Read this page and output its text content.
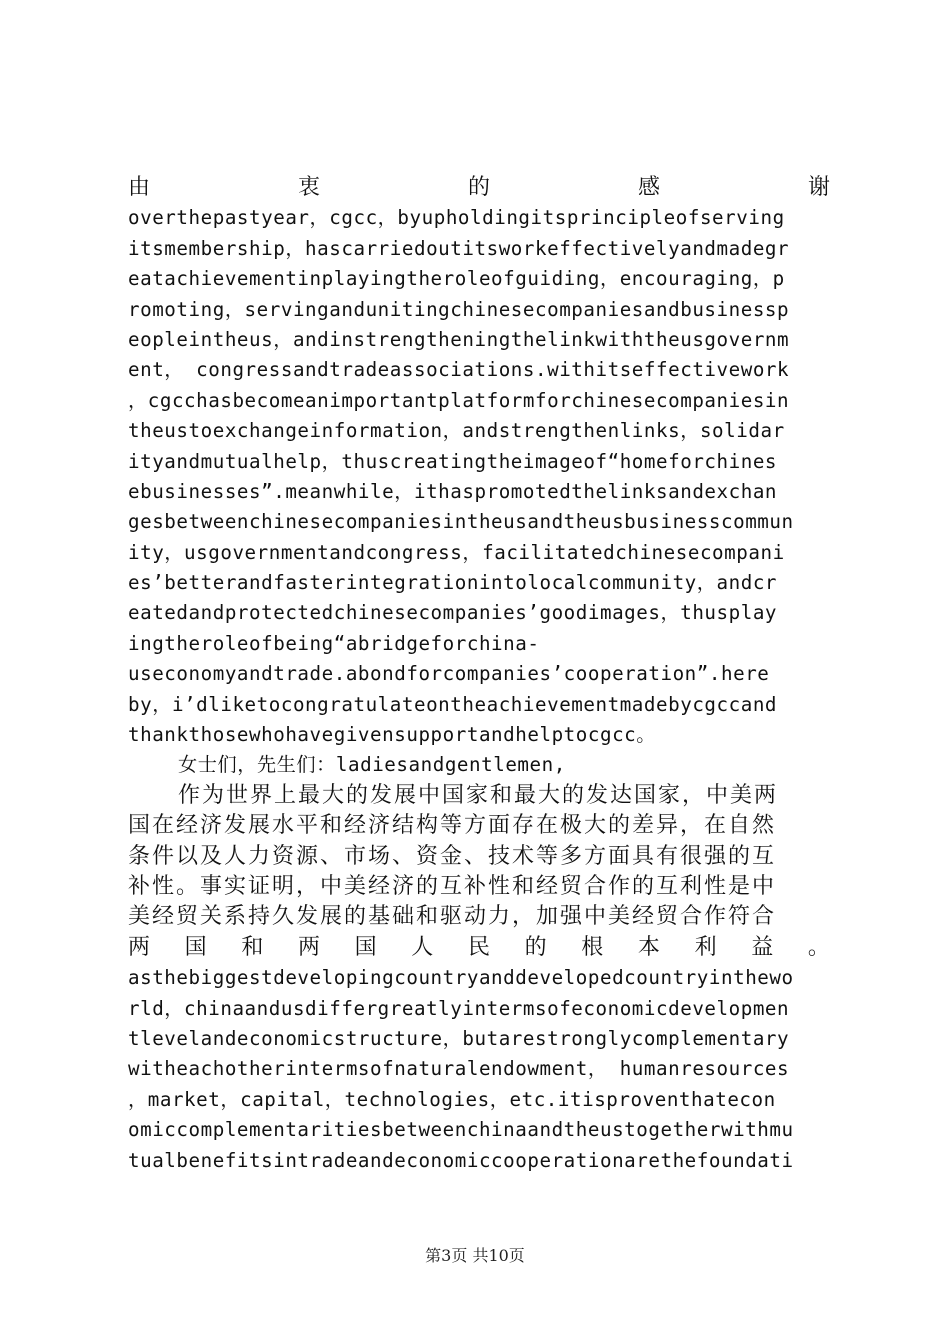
由	衷	的	感	谢
overthepastyear，cgcc，byupholdingitsprincipleofserving
itsmembership，hascarriedoutitsworkeffectivelyandmadegr
eatachievementinplayingtheroleofguiding，encouraging，p
romoting，servingandunitingchinesecompaniesandbusinessp
eopleintheus，andinstrengtheningthelinkwiththeusgovernm
ent， congressandtradeassociations.withitseffectivework
，cgcchasbecomeanimportantplatformforchinesecompaniesin
theustoexchangeinformation，andstrengthenlinks，solidar
ityandmutualhelp，thuscreatingtheimageof“homeforchines
ebusinesses”.meanwhile，ithaspromotedthelinksandexchan
gesbetweenchinesecompaniesintheusandtheusbusinesscommun
ity，usgovernmentandcongress，facilitatedchinesecompani
es’betterandfasterintegrationintolocalcommunity，andcr
eatedandprotectedchinesecompanies’goodimages，thusplay
ingtheroleofbeing“abridgeforchina-
useconomyandtrade.abondforcompanies’cooperation”.here
by，i’dliketocongratulateontheachievementmadebycgccand
thankthosewhohavegivensupportandhelptocgcc。
女士们，先生们：ladiesandgentlemen,
作为世界上最大的发展中国家和最大的发达国家，中美两
国在经济发展水平和经济结构等方面存在极大的差异，在自然
条件以及人力资源、市场、资金、技术等多方面具有很强的互
补性。事实证明，中美经济的互补性和经贸合作的互利性是中
美经贸关系持久发展的基础和驱动力，加强中美经贸合作符合
两 国 和 两 国 人 民 的 根 本 利 益 。
asthebiggestdevelopingcountryanddevelopedcountryinthewo
rld，chinaandusdiffergreatlyintermsofeconomicdevelopmen
tlevelandeconomicstructure，butarestronglycomplementary
witheachotherintermsofnaturalendowment， humanresources
，market，capital，technologies，etc.itisproventhatecon
omiccomplementaritiesbetweenchinaandtheustogetherwithmu
tualbenefitsintradeandeconomiccooperationarethefoundati
第3页 共10页
